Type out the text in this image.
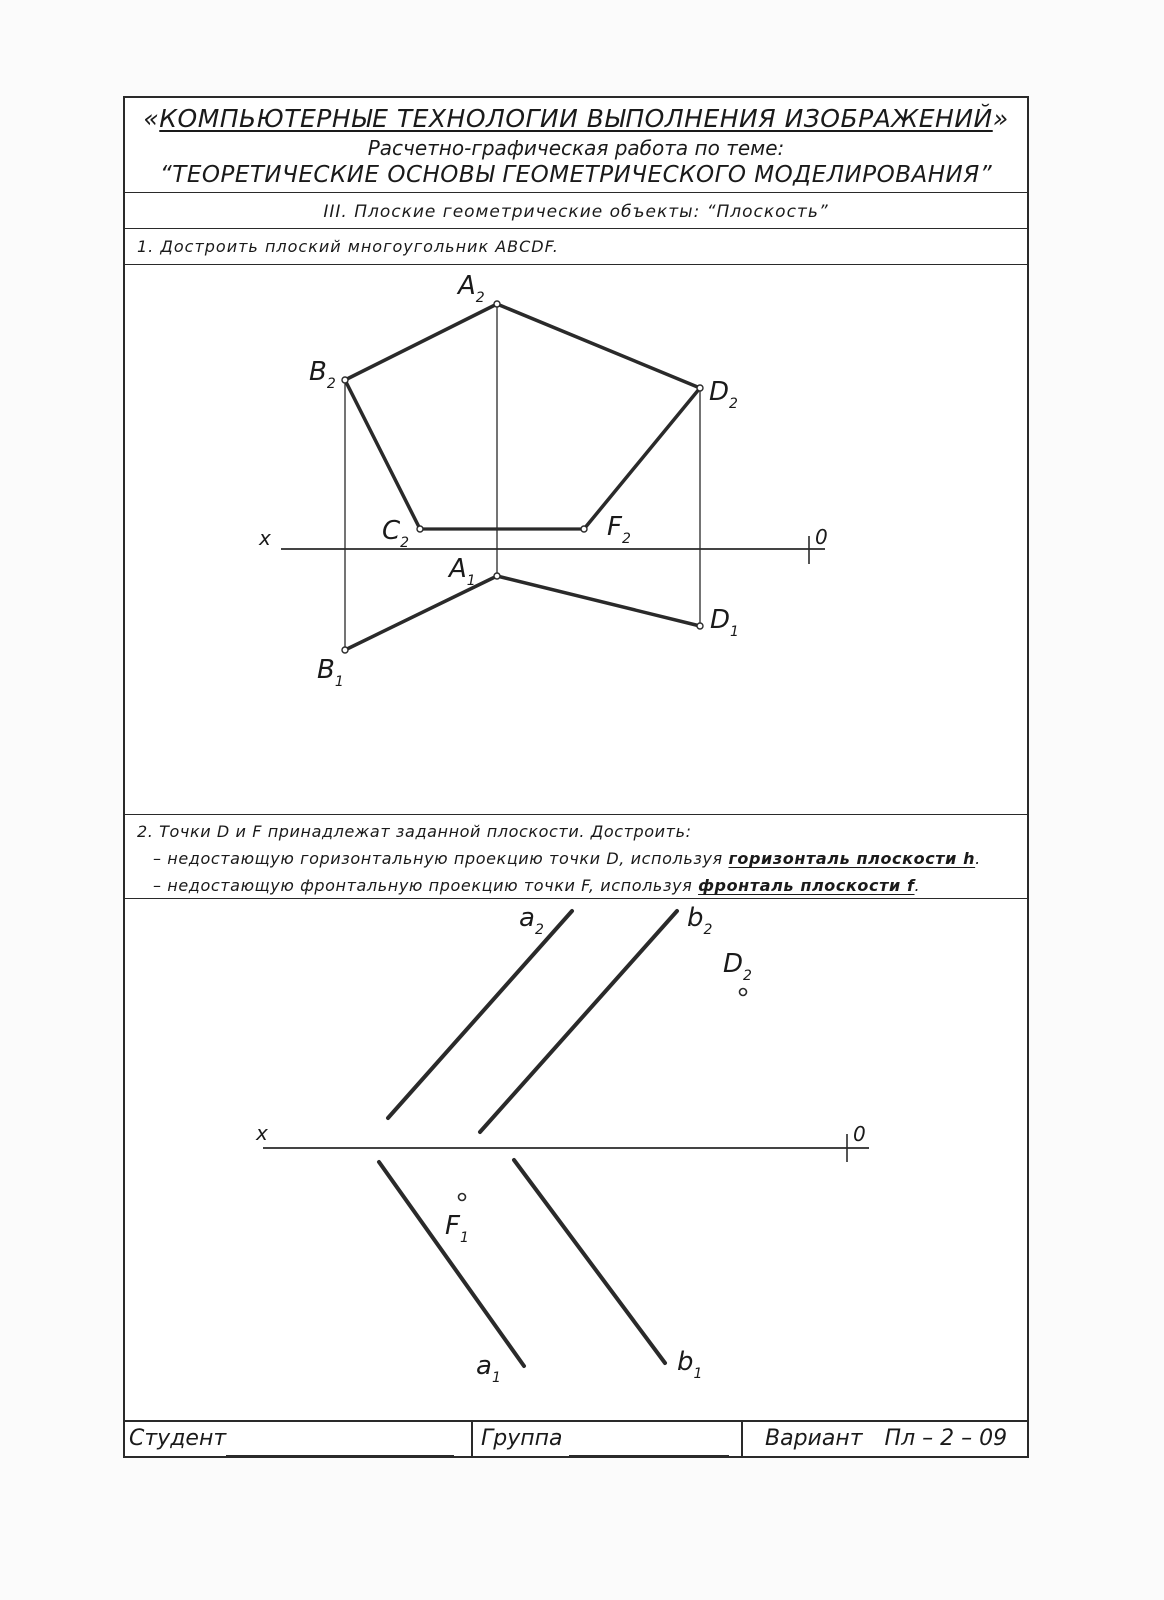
«КОМПЬЮТЕРНЫЕ ТЕХНОЛОГИИ ВЫПОЛНЕНИЯ ИЗОБРАЖЕНИЙ»
Расчетно-графическая работа по теме:
“ТЕОРЕТИЧЕСКИЕ ОСНОВЫ ГЕОМЕТРИЧЕСКОГО МОДЕЛИРОВАНИЯ”
III. Плоские геометрические объекты: “Плоскость”
1. Достроить плоский многоугольник ABCDF.
$A_2$
$B_2$	$D_2$
$C_2$
$F_2$
$A_1$
$D_1$
$B_1$
x	0
$a_2$	$b_2$
$D_2$
$F_1$
$a_1$
$b_1$
x	0
2. Точки D и F принадлежат заданной плоскости. Достроить:
– недостающую горизонтальную проекцию точки D, используя горизонталь плоскости h.
– недостающую фронтальную проекцию точки F, используя фронталь плоскости f.
Студент	Группа	Вариант Пл – 2 – 09
